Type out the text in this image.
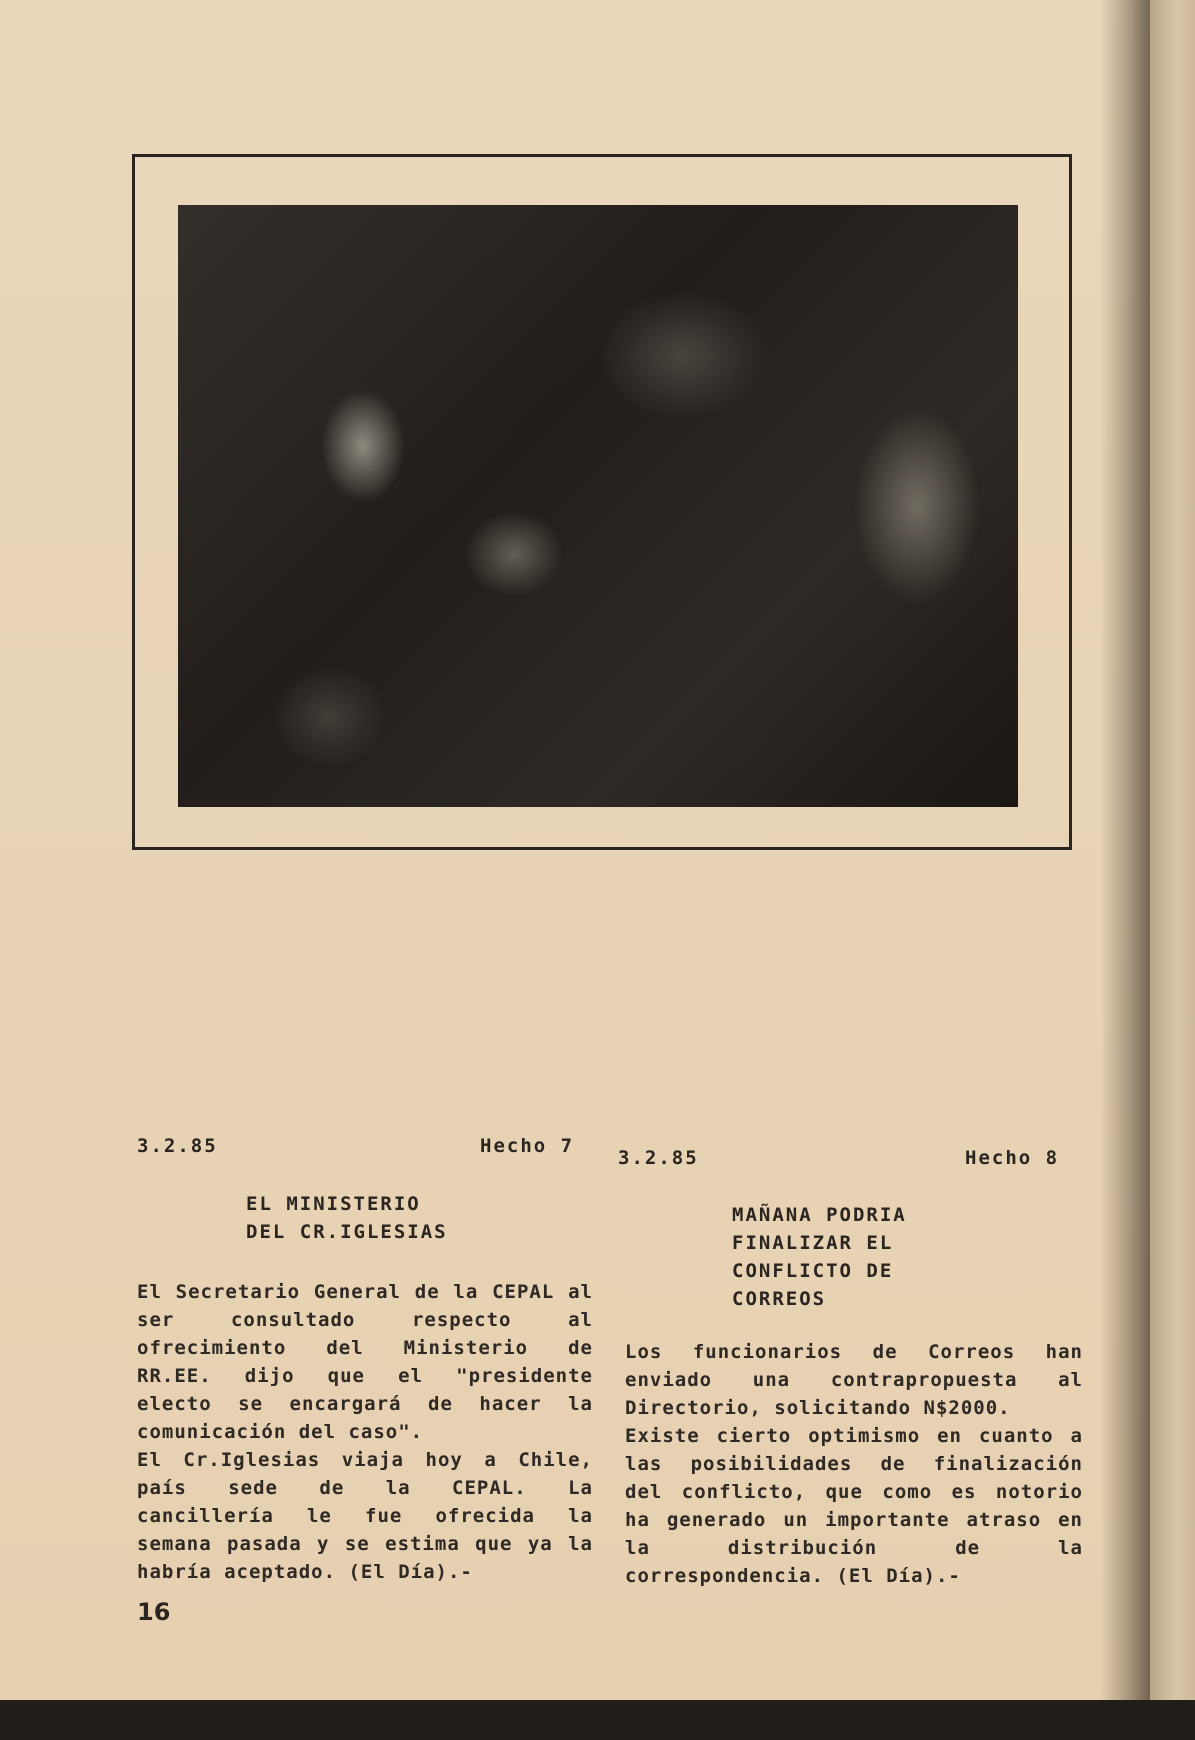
3.2.85	Hecho 7
EL MINISTERIO
DEL CR.IGLESIAS

El Secretario General de la CEPAL al ser consultado respecto al ofrecimiento del Ministerio de RR.EE. dijo que el "presidente electo se encargará de hacer la comunicación del caso".

El Cr.Iglesias viaja hoy a Chile, país sede de la CEPAL. La cancillería le fue ofrecida la semana pasada y se estima que ya la habría aceptado. (El Día).-

3.2.85	Hecho 8
MAÑANA PODRIA
FINALIZAR EL
CONFLICTO DE
CORREOS

Los funcionarios de Correos han enviado una contrapropuesta al Directorio, solicitando N$2000.

Existe cierto optimismo en cuanto a las posibilidades de finalización del conflicto, que como es notorio ha generado un importante atraso en la distribución de la correspondencia. (El Día).-

16
